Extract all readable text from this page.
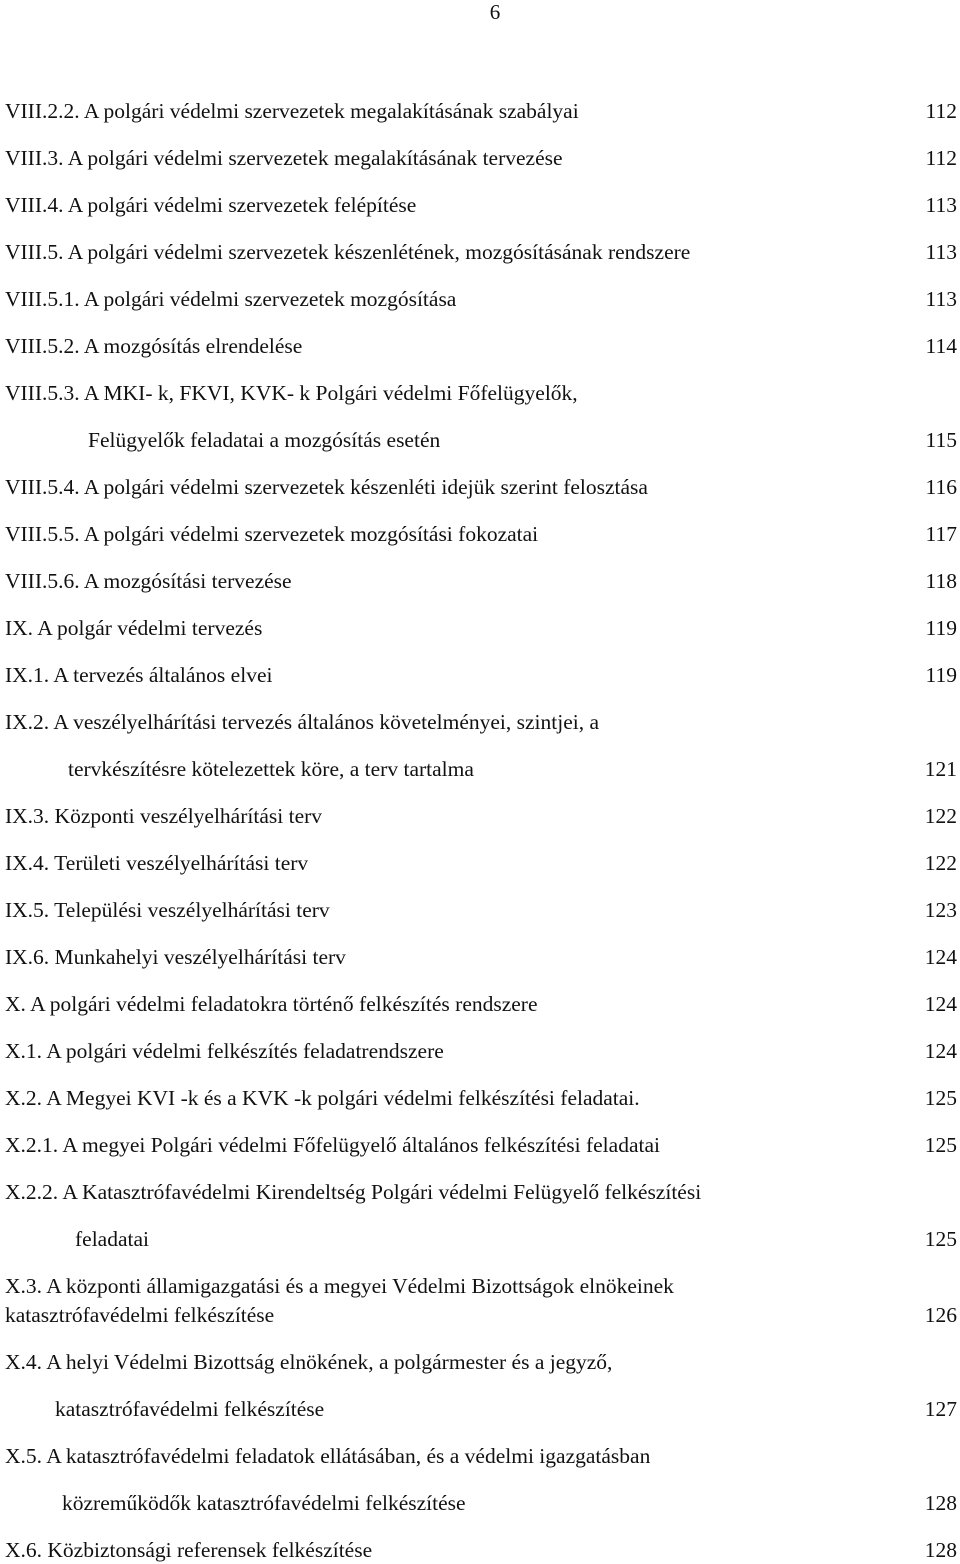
6
VIII.2.2. A polgári védelmi szervezetek megalakításának szabályai	112
VIII.3. A polgári védelmi szervezetek megalakításának tervezése	112
VIII.4. A polgári védelmi szervezetek felépítése	113
VIII.5. A polgári védelmi szervezetek készenlétének, mozgósításának rendszere	113
VIII.5.1. A polgári védelmi szervezetek mozgósítása	113
VIII.5.2. A mozgósítás elrendelése	114
VIII.5.3. A MKI- k, FKVI, KVK- k Polgári védelmi Főfelügyelők,
Felügyelők feladatai a mozgósítás esetén	115
VIII.5.4. A polgári védelmi szervezetek készenléti idejük szerint felosztása	116
VIII.5.5. A polgári védelmi szervezetek mozgósítási fokozatai	117
VIII.5.6. A mozgósítási tervezése	118
IX. A polgár védelmi tervezés	119
IX.1. A tervezés általános elvei	119
IX.2. A veszélyelhárítási tervezés általános követelményei, szintjei, a
tervkészítésre kötelezettek köre, a terv tartalma	121
IX.3. Központi veszélyelhárítási terv	122
IX.4. Területi veszélyelhárítási terv	122
IX.5. Települési veszélyelhárítási terv	123
IX.6. Munkahelyi veszélyelhárítási terv	124
X. A polgári védelmi feladatokra történő felkészítés rendszere	124
X.1. A polgári védelmi felkészítés feladatrendszere	124
X.2. A Megyei KVI -k és a KVK -k polgári védelmi felkészítési feladatai.	125
X.2.1. A megyei Polgári védelmi Főfelügyelő általános felkészítési feladatai	125
X.2.2. A Katasztrófavédelmi Kirendeltség Polgári védelmi Felügyelő felkészítési
feladatai	125
X.3. A központi államigazgatási és a megyei Védelmi Bizottságok elnökeinek
katasztrófavédelmi felkészítése	126
X.4. A helyi Védelmi Bizottság elnökének, a polgármester és a jegyző,
katasztrófavédelmi felkészítése	127
X.5. A katasztrófavédelmi feladatok ellátásában, és a védelmi igazgatásban
közreműködők katasztrófavédelmi felkészítése	128
X.6. Közbiztonsági referensek felkészítése	128
